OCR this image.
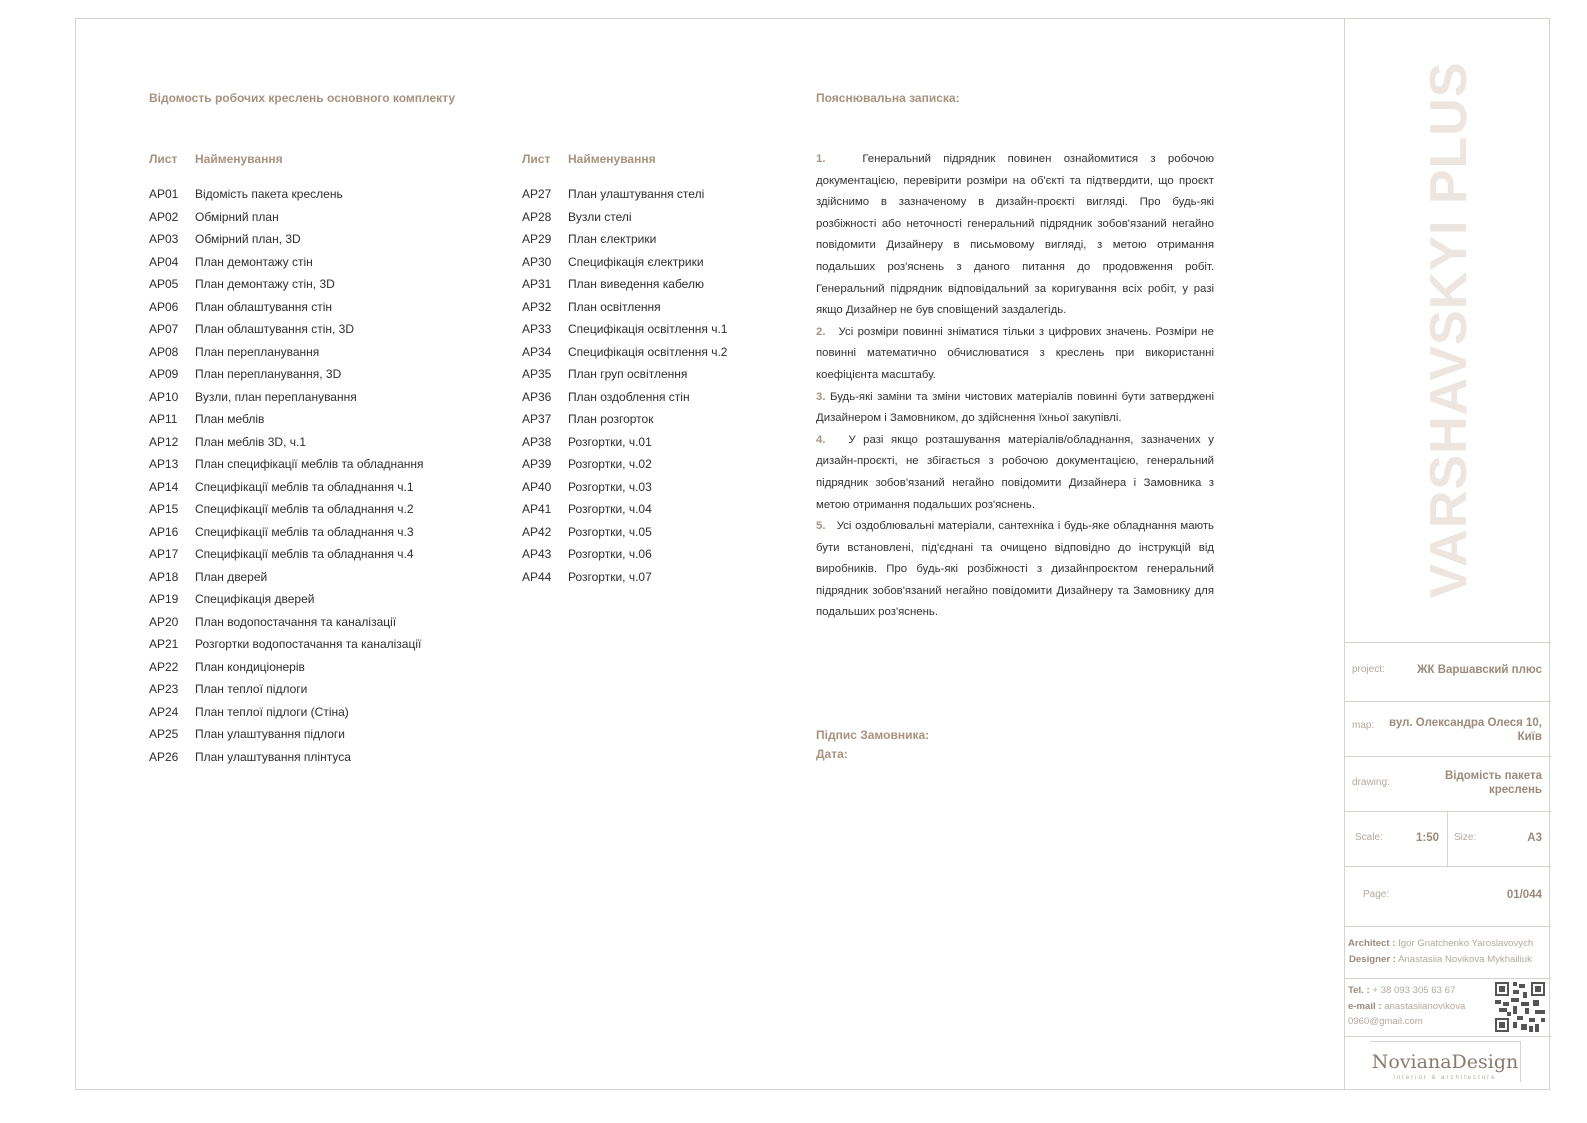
Відомость робочих креслень основного комплекту
Лист Найменування	Лист Найменування
АР01 Відомість пакета креслень
АР02 Обмірний план
АР03 Обмірний план, 3D
АР04 План демонтажу стін
АР05 План демонтажу стін, 3D
АР06 План облаштування стін
АР07 План облаштування стін, 3D
АР08 План перепланування
АР09 План перепланування, 3D
АР10 Вузли, план перепланування
АР11 План меблів
АР12 План меблів 3D, ч.1
АР13 План специфікації меблів та обладнання
АР14 Специфікації меблів та обладнання ч.1
АР15 Специфікації меблів та обладнання ч.2
АР16 Специфікації меблів та обладнання ч.3
АР17 Специфікації меблів та обладнання ч.4
АР18 План дверей
АР19 Специфікація дверей
АР20 План водопостачання та каналізації
АР21 Розгортки водопостачання та каналізації
АР22 План кондиціонерів
АР23 План теплої підлоги
АР24 План теплої підлоги (Стіна)
АР25 План улаштування підлоги
АР26 План улаштування плінтуса
АР27 План улаштування стелі
АР28 Вузли стелі
АР29 План єлектрики
АР30 Специфікація єлектрики
АР31 План виведення кабелю
АР32 План освітлення
АР33 Специфікація освітлення ч.1
АР34 Специфікація освітлення ч.2
АР35 План груп освітлення
АР36 План оздоблення стін
АР37 План розгорток
АР38 Розгортки, ч.01
АР39 Розгортки, ч.02
АР40 Розгортки, ч.03
АР41 Розгортки, ч.04
АР42 Розгортки, ч.05
АР43 Розгортки, ч.06
АР44 Розгортки, ч.07
Пояснювальна записка:

1.	Генеральний підрядник повинен ознайомитися з робочою документацією, перевірити розміри на об'єкті та підтвердити, що проєкт здійснимо в зазначеному в дизайн-проєкті вигляді. Про будь-які розбіжності або неточності генеральний підрядник зобов'язаний негайно повідомити Дизайнеру в письмовому вигляді, з метою отримання подальших роз'яснень з даного питання до продовження робіт. Генеральний підрядник відповідальний за коригування всіх робіт, у разі якщо Дизайнер не був сповіщений заздалегідь.

2. Усі розміри повинні зніматися тільки з цифрових значень. Розміри не повинні математично обчислюватися з креслень при використанні коефіцієнта масштабу.

3. Будь-які заміни та зміни чистових матеріалів повинні бути затверджені Дизайнером і Замовником, до здійснення їхньої закупівлі.

4. У разі якщо розташування матеріалів/обладнання, зазначених у дизайн-проєкті, не збігається з робочою документацією, генеральний підрядник зобов'язаний негайно повідомити Дизайнера і Замовника з метою отримання подальших роз'яснень.

5. Усі оздоблювальні матеріали, сантехніка і будь-яке обладнання мають бути встановлені, під'єднані та очищено відповідно до інструкцій від виробників. Про будь-які розбіжності з дизайнпроєктом генеральний підрядник зобов'язаний негайно повідомити Дизайнеру та Замовнику для подальших роз'яснень.

Підпис Замовника:
Дата:
VARSHAVSKYI PLUS
project:	ЖК Варшавский плюс
map:	вул. Олександра Олеся 10, Київ
drawing:
Відомість пакета креслень
Scale:	1:50 Size:	A3
Page:	01/044
Architect : Igor Gnatchenko Yaroslavovych
Designer : Anastasiia Novikova Mykhailiuk
Tel. : + 38 093 305 63 67
e-mail : anastasiianovikova
0960@gmail.com
NovianaDesign
interior & architecture
